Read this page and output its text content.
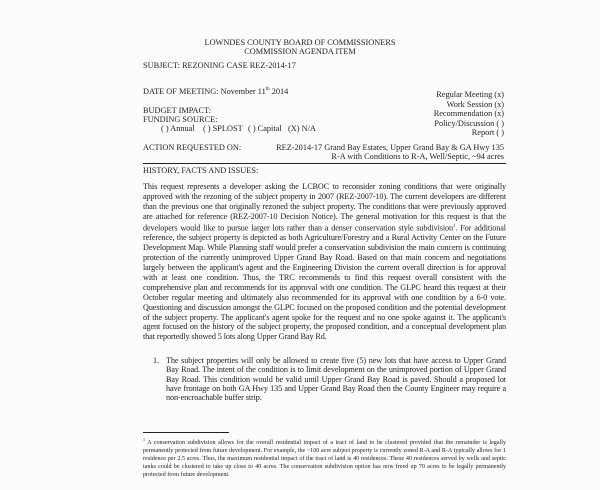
LOWNDES COUNTY BOARD OF COMMISSIONERS
COMMISSION AGENDA ITEM
SUBJECT: REZONING CASE REZ-2014-17
DATE OF MEETING: November 11th 2014	Regular Meeting (x)
Work Session (x)
Recommendation (x)
Policy/Discussion ( )
Report ( )
BUDGET IMPACT:
FUNDING SOURCE:
( ) Annual ( ) SPLOST ( ) Capital (X) N/A
ACTION REQUESTED ON:	REZ-2014-17 Grand Bay Estates, Upper Grand Bay & GA Hwy 135
R-A with Conditions to R-A, Well/Septic, ~94 acres
HISTORY, FACTS AND ISSUES:
This request represents a developer asking the LCBOC to reconsider zoning conditions that were originally approved with the rezoning of the subject property in 2007 (REZ-2007-10). The current developers are different than the previous one that originally rezoned the subject property. The conditions that were previously approved are attached for reference (REZ-2007-10 Decision Notice). The general motivation for this request is that the developers would like to pursue larger lots rather than a denser conservation style subdivision$^1$. For additional reference, the subject property is depicted as both Agriculture/Forestry and a Rural Activity Center on the Future Development Map. While Planning staff would prefer a conservation subdivision the main concern is continuing protection of the currently unimproved Upper Grand Bay Road. Based on that main concern and negotiations largely between the applicant's agent and the Engineering Division the current overall direction is for approval with at least one condition. Thus, the TRC recommends to find this request overall consistent with the comprehensive plan and recommends for its approval with one condition. The GLPC heard this request at their October regular meeting and ultimately also recommended for its approval with one condition by a 6-0 vote. Questioning and discussion amongst the GLPC focused on the proposed condition and the potential development of the subject property. The applicant's agent spoke for the request and no one spoke against it. The applicant's agent focused on the history of the subject property, the proposed condition, and a conceptual development plan that reportedly showed 5 lots along Upper Grand Bay Rd.
1. The subject properties will only be allowed to create five (5) new lots that have access to Upper Grand Bay Road. The intent of the condition is to limit development on the unimproved portion of Upper Grand Bay Road. This condition would be valid until Upper Grand Bay Road is paved. Should a proposed lot have frontage on both GA Hwy 135 and Upper Grand Bay Road then the County Engineer may require a non-encroachable buffer strip.
$^1$ A conservation subdivision allows for the overall residential impact of a tract of land to be clustered provided that the remainder is legally permanently protected from future development. For example, the ~100 acre subject property is currently zoned R-A and R-A typically allows for 1 residence per 2.5 acres. Thus, the maximum residential impact of the tract of land is 40 residences. These 40 residences served by wells and septic tanks could be clustered to take up close to 40 acres. The conservation subdivision option has now freed up 70 acres to be legally permanently protected from future development.
